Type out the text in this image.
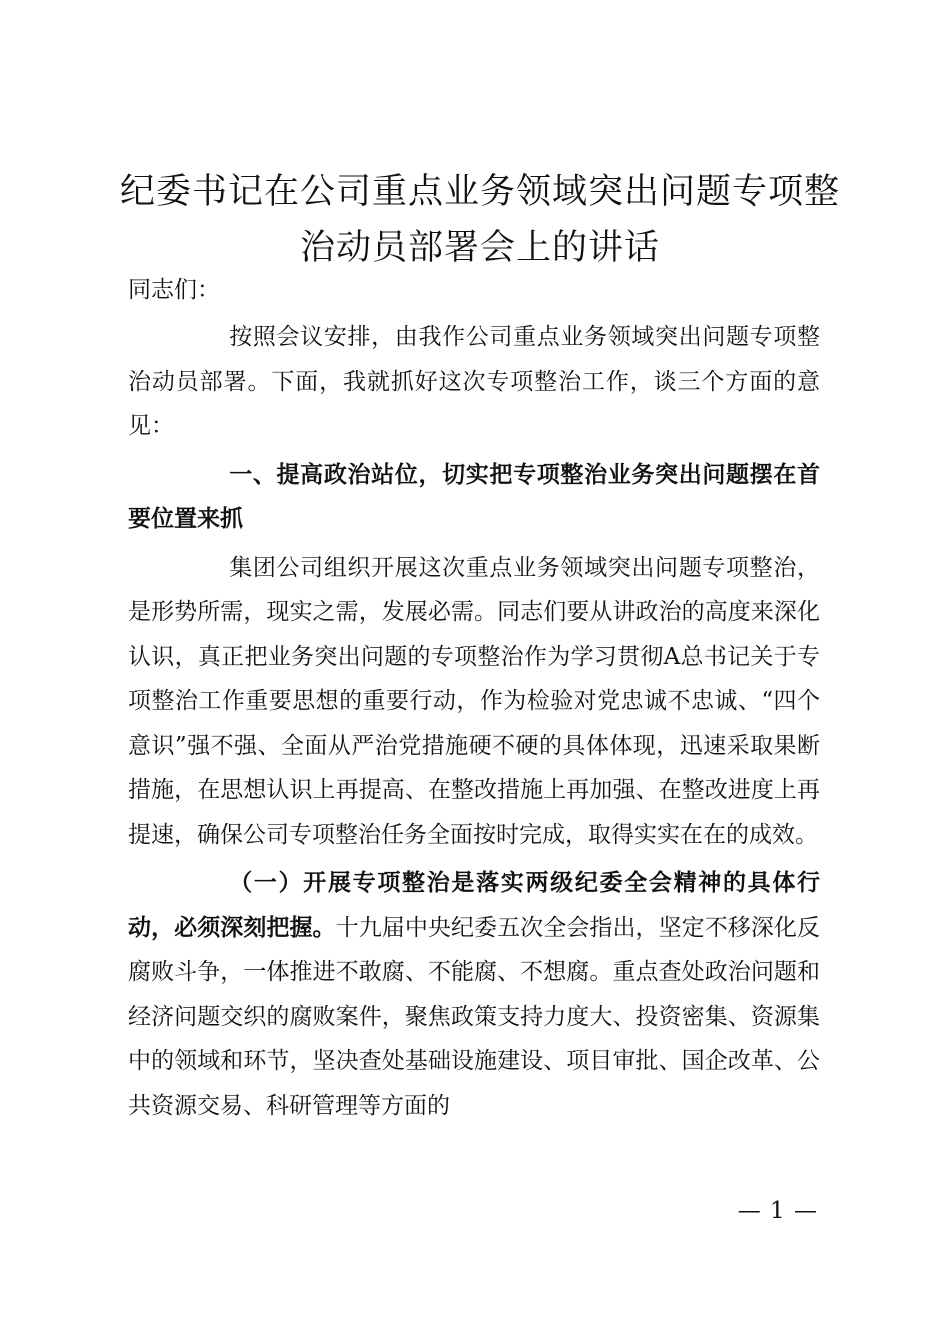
纪委书记在公司重点业务领域突出问题专项整治动员部署会上的讲话

同志们：

按照会议安排，由我作公司重点业务领域突出问题专项整治动员部署。下面，我就抓好这次专项整治工作，谈三个方面的意见：

一、提高政治站位，切实把专项整治业务突出问题摆在首要位置来抓

集团公司组织开展这次重点业务领域突出问题专项整治，是形势所需，现实之需，发展必需。同志们要从讲政治的高度来深化认识，真正把业务突出问题的专项整治作为学习贯彻A总书记关于专项整治工作重要思想的重要行动，作为检验对党忠诚不忠诚、“四个意识”强不强、全面从严治党措施硬不硬的具体体现，迅速采取果断措施，在思想认识上再提高、在整改措施上再加强、在整改进度上再提速，确保公司专项整治任务全面按时完成，取得实实在在的成效。

（一）开展专项整治是落实两级纪委全会精神的具体行动，必须深刻把握。十九届中央纪委五次全会指出，坚定不移深化反腐败斗争，一体推进不敢腐、不能腐、不想腐。重点查处政治问题和经济问题交织的腐败案件，聚焦政策支持力度大、投资密集、资源集中的领域和环节，坚决查处基础设施建设、项目审批、国企改革、公共资源交易、科研管理等方面的

— 1 —
